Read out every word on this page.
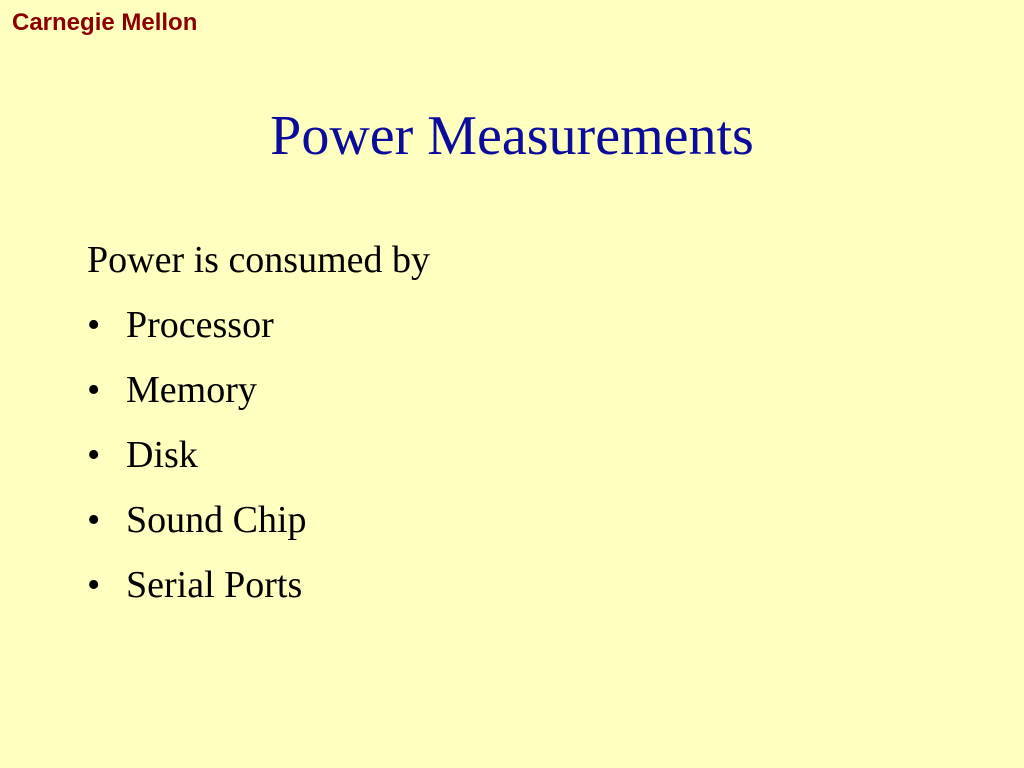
Carnegie Mellon
Power Measurements
Power is consumed by
• Processor
• Memory
• Disk
• Sound Chip
• Serial Ports
